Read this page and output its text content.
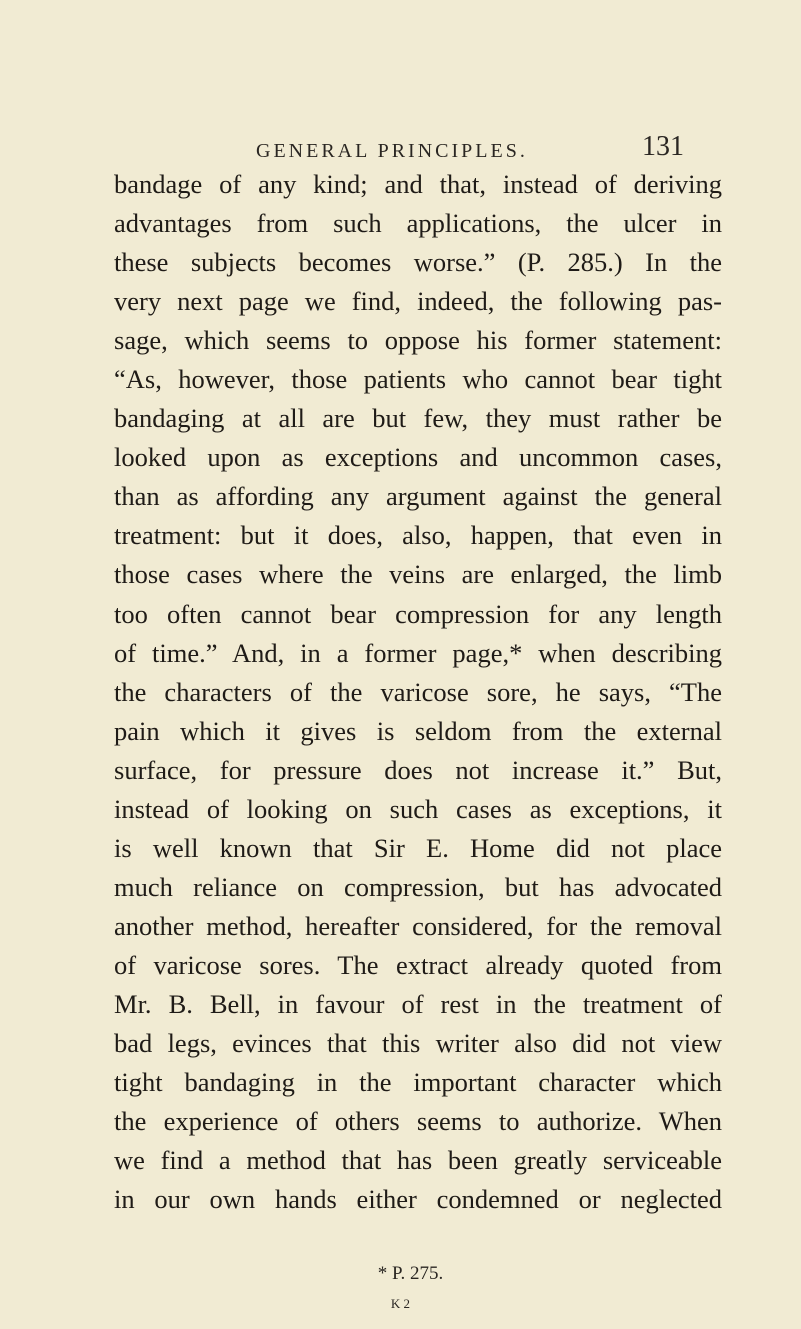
GENERAL PRINCIPLES.	131
bandage of any kind; and that, instead of deriving
advantages from such applications, the ulcer in
these subjects becomes worse.” (P. 285.) In the
very next page we find, indeed, the following pas-
sage, which seems to oppose his former statement:
“As, however, those patients who cannot bear tight
bandaging at all are but few, they must rather be
looked upon as exceptions and uncommon cases,
than as affording any argument against the general
treatment: but it does, also, happen, that even in
those cases where the veins are enlarged, the limb
too often cannot bear compression for any length
of time.” And, in a former page,* when describing
the characters of the varicose sore, he says, “The
pain which it gives is seldom from the external
surface, for pressure does not increase it.” But,
instead of looking on such cases as exceptions, it
is well known that Sir E. Home did not place
much reliance on compression, but has advocated
another method, hereafter considered, for the removal
of varicose sores. The extract already quoted from
Mr. B. Bell, in favour of rest in the treatment of
bad legs, evinces that this writer also did not view
tight bandaging in the important character which
the experience of others seems to authorize. When
we find a method that has been greatly serviceable
in our own hands either condemned or neglected
* P. 275.
K 2
